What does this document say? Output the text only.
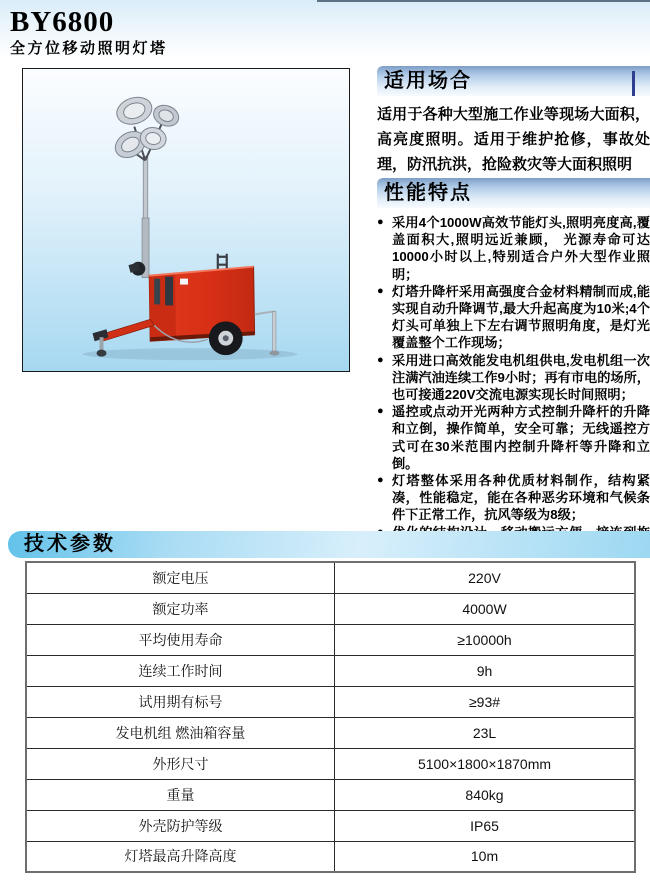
BY6800
全方位移动照明灯塔
适用场合

适用于各种大型施工作业等现场大面积，高亮度照明。适用于维护抢修，事故处理，防汛抗洪，抢险救灾等大面积照明

性能特点
● 采用4个1000W高效节能灯头,照明亮度高,覆盖面积大,照明远近兼顾， 光源寿命可达10000小时以上,特别适合户外大型作业照明；
● 灯塔升降杆采用高强度合金材料精制而成,能实现自动升降调节,最大升起高度为10米;4个灯头可单独上下左右调节照明角度，是灯光覆盖整个工作现场；
● 采用进口高效能发电机组供电,发电机组一次注满汽油连续工作9小时；再有市电的场所，也可接通220V交流电源实现长时间照明；
● 遥控或点动开光两种方式控制升降杆的升降和立倒，操作简单，安全可靠；无线遥控方式可在30米范围内控制升降杆等升降和立倒。
● 灯塔整体采用各种优质材料制作，结构紧凑，性能稳定，能在各种恶劣环境和气候条件下正常工作，抗风等级为8级；
技术参数
额定电压	220V
额定功率	4000W
平均使用寿命	≥10000h
连续工作时间	9h
试用期有标号	≥93#
发电机组 燃油箱容量	23L
外形尺寸	5100×1800×1870mm
重量	840kg
外壳防护等级	IP65
灯塔最高升降高度	10m
